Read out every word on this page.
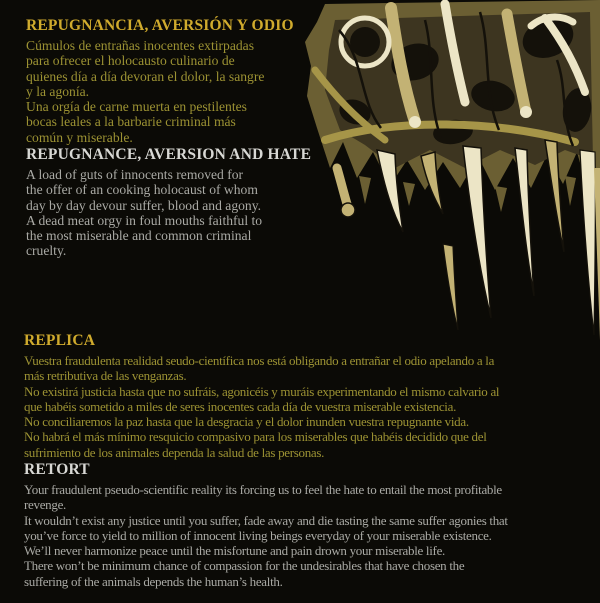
REPUGNANCIA, AVERSIÓN Y ODIO
Cúmulos de entrañas inocentes extirpadas
para ofrecer el holocausto culinario de
quienes día a día devoran el dolor, la sangre
y la agonía.
Una orgía de carne muerta en pestilentes
bocas leales a la barbarie criminal más
común y miserable.
REPUGNANCE, AVERSION AND HATE
A load of guts of innocents removed for
the offer of an cooking holocaust of whom
day by day devour suffer, blood and agony.
A dead meat orgy in foul mouths faithful to
the most miserable and common criminal
cruelty.
REPLICA
Vuestra fraudulenta realidad seudo-científica nos está obligando a entrañar el odio apelando a la
más retributiva de las venganzas.
No existirá justicia hasta que no sufráis, agonicéis y muráis experimentando el mismo calvario al
que habéis sometido a miles de seres inocentes cada día de vuestra miserable existencia.
No conciliaremos la paz hasta que la desgracia y el dolor inunden vuestra repugnante vida.
No habrá el más mínimo resquicio compasivo para los miserables que habéis decidido que del
sufrimiento de los animales dependa la salud de las personas.
RETORT
Your fraudulent pseudo-scientific reality its forcing us to feel the hate to entail the most profitable
revenge.
It wouldn’t exist any justice until you suffer, fade away and die tasting the same suffer agonies that
you’ve force to yield to million of innocent living beings everyday of your miserable existence.
We’ll never harmonize peace until the misfortune and pain drown your miserable life.
There won’t be minimum chance of compassion for the undesirables that have chosen the
suffering of the animals depends the human’s health.
